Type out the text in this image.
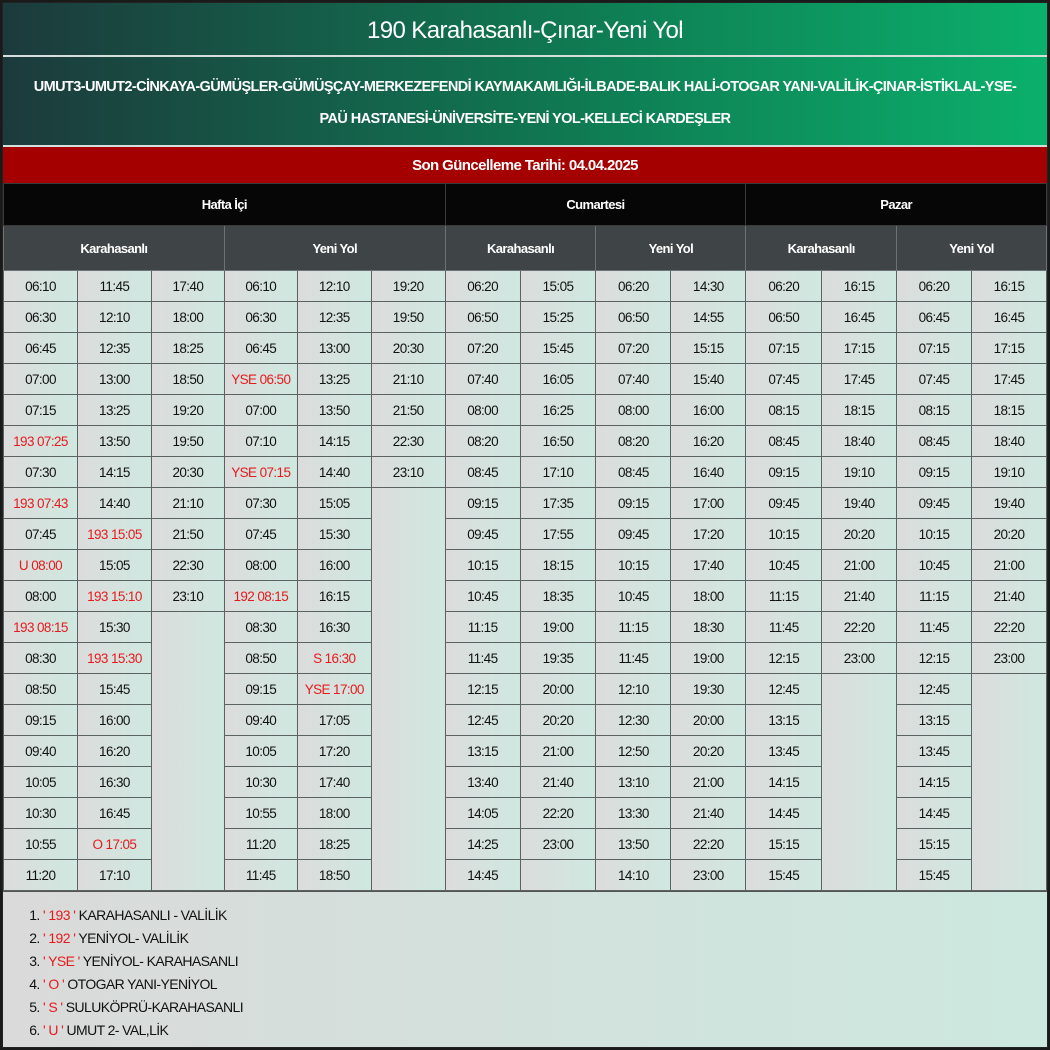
190 Karahasanlı-Çınar-Yeni Yol
UMUT3-UMUT2-CİNKAYA-GÜMÜŞLER-GÜMÜŞÇAY-MERKEZEFENDİ KAYMAKAMLIĞI-İLBADE-BALIK HALİ-OTOGAR YANI-VALİLİK-ÇINAR-İSTİKLAL-YSE-PAÜ HASTANESİ-ÜNİVERSİTE-YENİ YOL-KELLECİ KARDEŞLER
Son Güncelleme Tarihi: 04.04.2025
Hafta İçi						Cumartesi				Pazar			
Karahasanlı			Yeni Yol			Karahasanlı		Yeni Yol		Karahasanlı		Yeni Yol	
06:10	11:45	17:40	06:10	12:10	19:20	06:20	15:05	06:20	14:30	06:20	16:15	06:20	16:15
06:30	12:10	18:00	06:30	12:35	19:50	06:50	15:25	06:50	14:55	06:50	16:45	06:45	16:45
06:45	12:35	18:25	06:45	13:00	20:30	07:20	15:45	07:20	15:15	07:15	17:15	07:15	17:15
07:00	13:00	18:50	YSE 06:50	13:25	21:10	07:40	16:05	07:40	15:40	07:45	17:45	07:45	17:45
07:15	13:25	19:20	07:00	13:50	21:50	08:00	16:25	08:00	16:00	08:15	18:15	08:15	18:15
193 07:25	13:50	19:50	07:10	14:15	22:30	08:20	16:50	08:20	16:20	08:45	18:40	08:45	18:40
07:30	14:15	20:30	YSE 07:15	14:40	23:10	08:45	17:10	08:45	16:40	09:15	19:10	09:15	19:10
193 07:43	14:40	21:10	07:30	15:05		09:15	17:35	09:15	17:00	09:45	19:40	09:45	19:40
07:45	193 15:05	21:50	07:45	15:30		09:45	17:55	09:45	17:20	10:15	20:20	10:15	20:20
U 08:00	15:05	22:30	08:00	16:00		10:15	18:15	10:15	17:40	10:45	21:00	10:45	21:00
08:00	193 15:10	23:10	192 08:15	16:15		10:45	18:35	10:45	18:00	11:15	21:40	11:15	21:40
193 08:15	15:30		08:30	16:30		11:15	19:00	11:15	18:30	11:45	22:20	11:45	22:20
08:30	193 15:30		08:50	S 16:30		11:45	19:35	11:45	19:00	12:15	23:00	12:15	23:00
08:50	15:45		09:15	YSE 17:00		12:15	20:00	12:10	19:30	12:45		12:45	
09:15	16:00		09:40	17:05		12:45	20:20	12:30	20:00	13:15		13:15	
09:40	16:20		10:05	17:20		13:15	21:00	12:50	20:20	13:45		13:45	
10:05	16:30		10:30	17:40		13:40	21:40	13:10	21:00	14:15		14:15	
10:30	16:45		10:55	18:00		14:05	22:20	13:30	21:40	14:45		14:45	
10:55	O 17:05		11:20	18:25		14:25	23:00	13:50	22:20	15:15		15:15	
11:20	17:10		11:45	18:50		14:45		14:10	23:00	15:45		15:45	
1. ' 193 ' KARAHASANLI - VALİLİK
2. ' 192 ' YENİYOL- VALİLİK
3. ' YSE ' YENİYOL- KARAHASANLI
4. ' O ' OTOGAR YANI-YENİYOL
5. ' S ' SULUKÖPRÜ-KARAHASANLI
6. ' U ' UMUT 2- VAL,LİK
